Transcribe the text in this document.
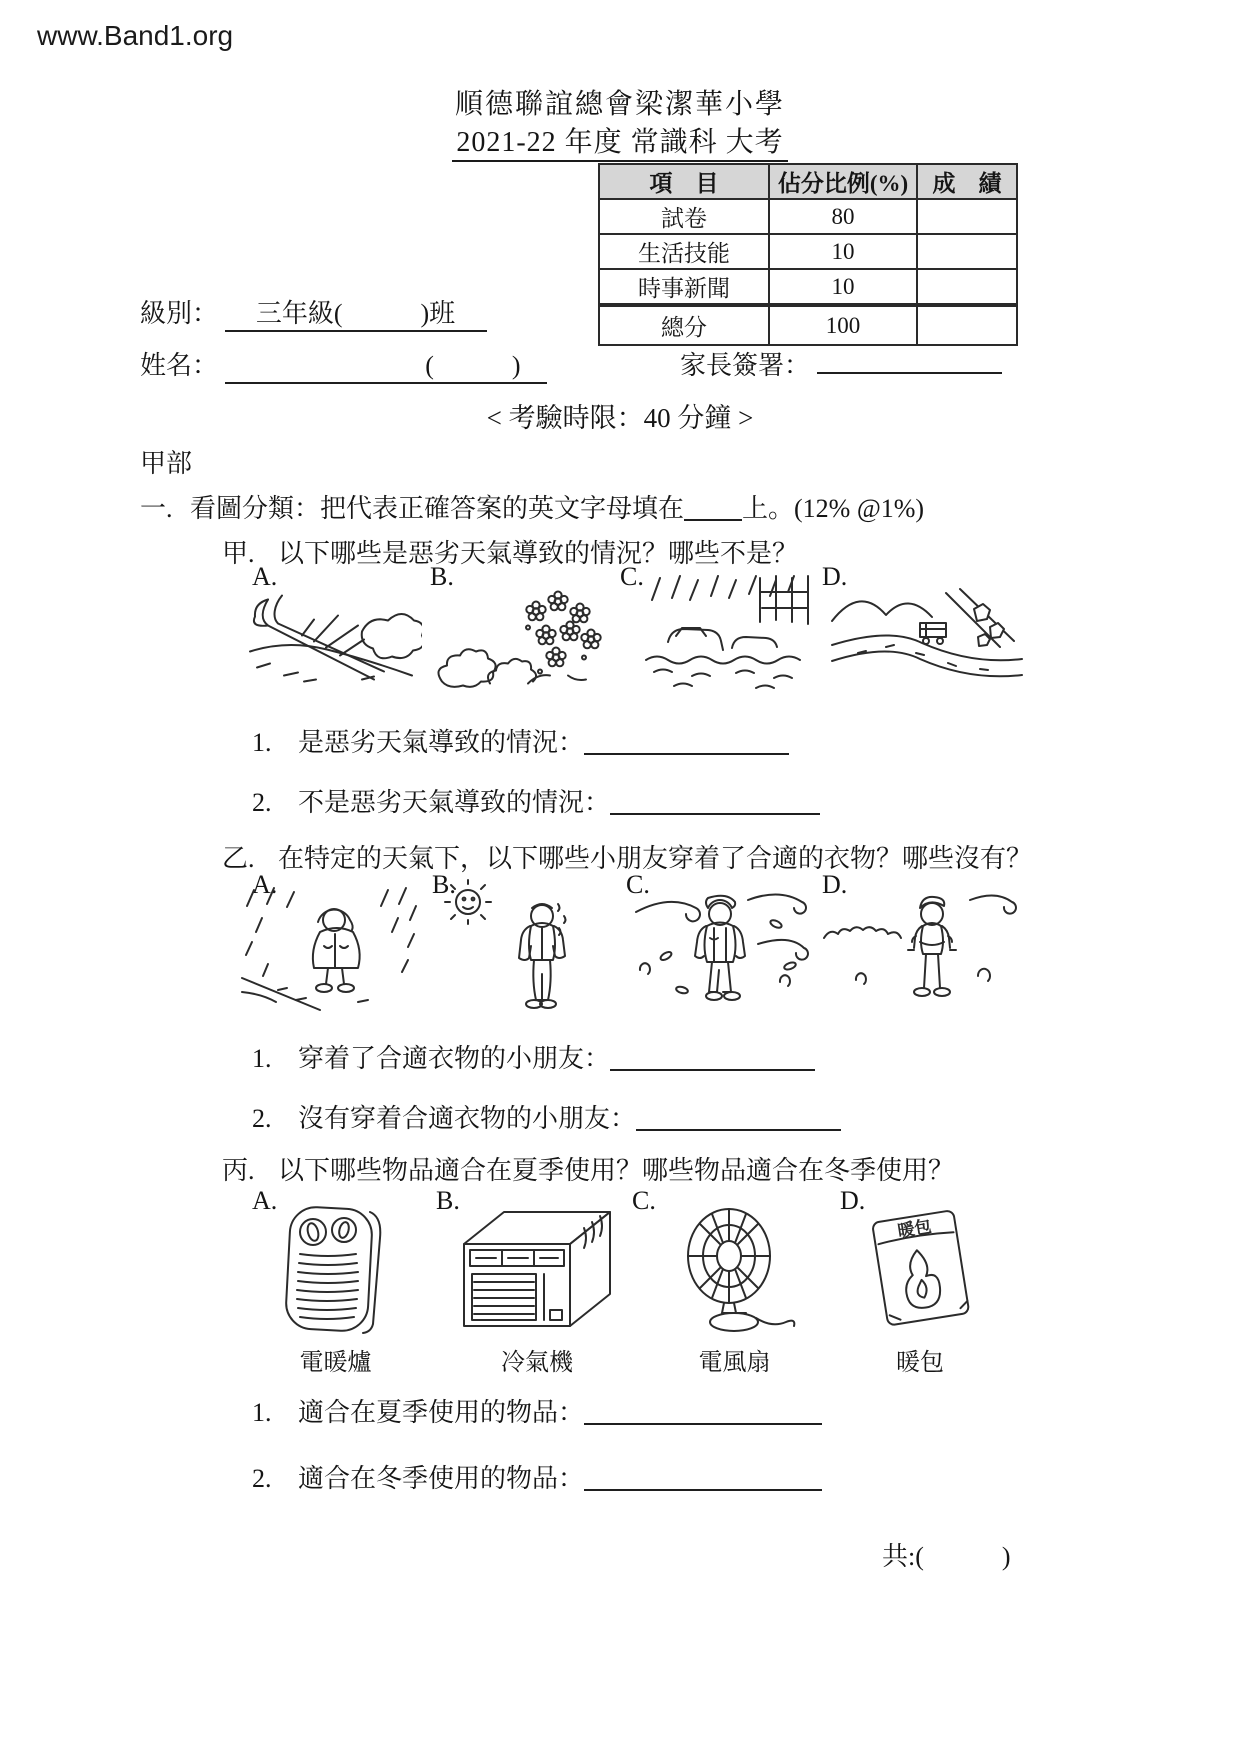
www.Band1.org
順德聯誼總會梁潔華小學
2021-22 年度 常識科 大考
項　目	佔分比例(%)	成　績
試卷	80	
生活技能	10	
時事新聞	10	
總分	100	
級別： 三年級(　　　)班
姓名：	(　　　)	家長簽署：
< 考驗時限：40 分鐘 >
甲部
一. 看圖分類：把代表正確答案的英文字母填在 上。(12% @1%)
甲. 以下哪些是惡劣天氣導致的情況？哪些不是？
A.	B.	C.	D.
1. 是惡劣天氣導致的情況：
2. 不是惡劣天氣導致的情況：
乙. 在特定的天氣下，以下哪些小朋友穿着了合適的衣物？哪些沒有？
A.	B.	C.	D.
1. 穿着了合適衣物的小朋友：
2. 沒有穿着合適衣物的小朋友：
丙. 以下哪些物品適合在夏季使用？哪些物品適合在冬季使用？
A.	B.	C.	D.
暖包
電暖爐	冷氣機	電風扇	暖包
1. 適合在夏季使用的物品：
2. 適合在冬季使用的物品：
共:(　　　)
